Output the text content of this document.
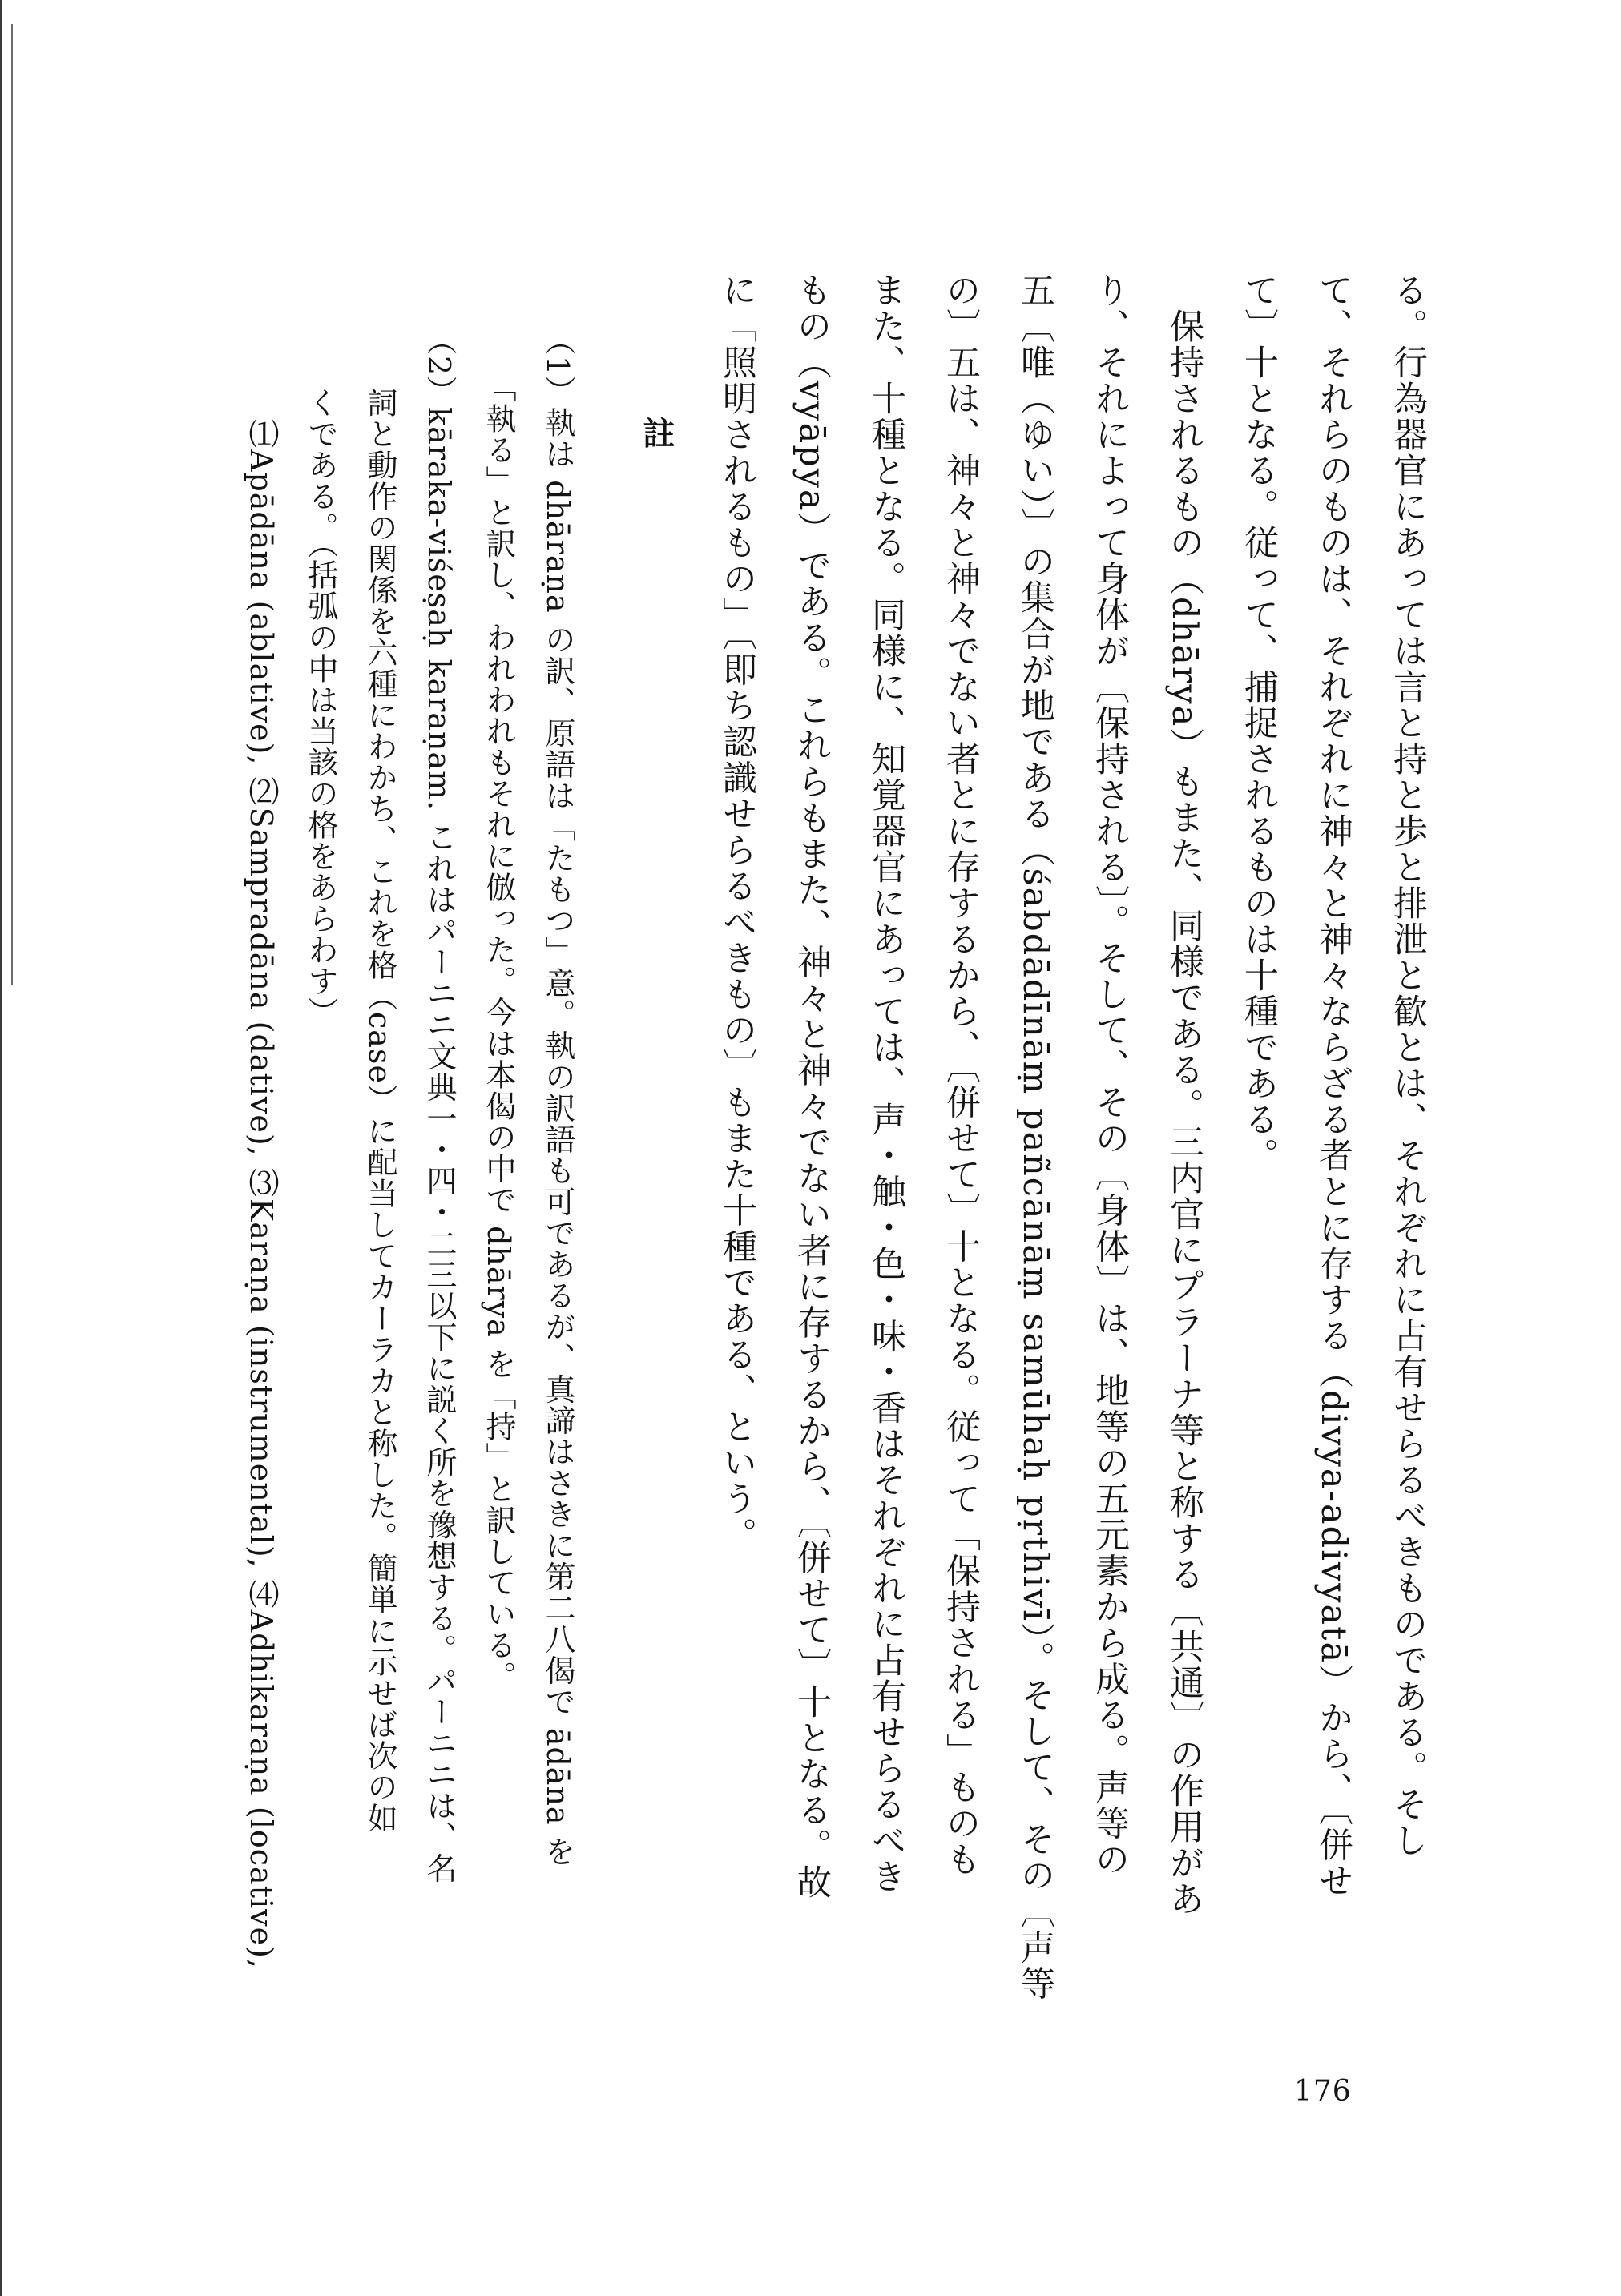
る。行為器官にあっては言と持と歩と排泄と歓とは、それぞれに占有せらるべきものである。そし
て、それらのものは、それぞれに神々と神々ならざる者とに存する（divya-adivyatā）から、〔併せ
て〕十となる。従って、捕捉されるものは十種である。
　保持されるもの（dhārya）もまた、同様である。三内官にプラーナ等と称する〔共通〕の作用があ
り、それによって身体が〔保持される〕。そして、その〔身体〕は、地等の五元素から成る。声等の
五〔唯（ゆい）〕の集合が地である（śabdādīnāṃ pañcānāṃ samūhaḥ pṛthivī）。そして、その〔声等
の〕五は、神々と神々でない者とに存するから、〔併せて〕十となる。従って「保持される」ものも
また、十種となる。同様に、知覚器官にあっては、声・触・色・味・香はそれぞれに占有せらるべき
もの（vyāpya）である。これらもまた、神々と神々でない者に存するから、〔併せて〕十となる。故
に「照明されるもの」〔即ち認識せらるべきもの〕もまた十種である、という。
註
（1）執は dhāraṇa の訳、原語は「たもつ」意。執の訳語も可であるが、真諦はさきに第二八偈で ādāna を
　　「執る」と訳し、われわれもそれに倣った。今は本偈の中で dhārya を「持」と訳している。
（2）kāraka-viśeṣaḥ karaṇam. これはパーニニ文典一・四・二三以下に説く所を豫想する。パーニニは、名
　　詞と動作の関係を六種にわかち、これを格（case）に配当してカーラカと称した。簡単に示せば次の如
　　くである。（括弧の中は当該の格をあらわす）
　　　⑴Apādāna (ablative), ⑵Sampradāna (dative), ⑶Karaṇa (instrumental), ⑷Adhikaraṇa (locative),
176
